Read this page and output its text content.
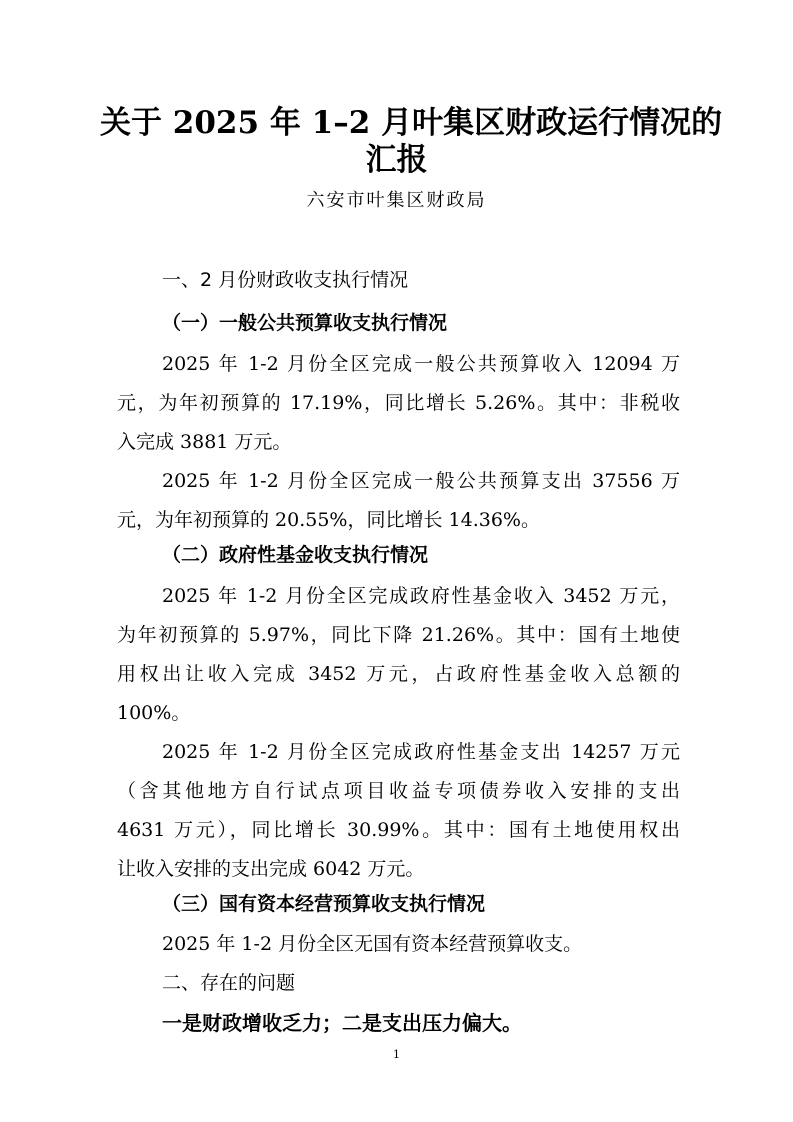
关于 2025 年 1–2 月叶集区财政运行情况的
汇报
六安市叶集区财政局
一、2 月份财政收支执行情况
（一）一般公共预算收支执行情况
2025 年 1-2 月份全区完成一般公共预算收入 12094 万
元，为年初预算的 17.19%，同比增长 5.26%。其中：非税收
入完成 3881 万元。
2025 年 1-2 月份全区完成一般公共预算支出 37556 万
元，为年初预算的 20.55%，同比增长 14.36%。
（二）政府性基金收支执行情况
2025 年 1-2 月份全区完成政府性基金收入 3452 万元，
为年初预算的 5.97%，同比下降 21.26%。其中：国有土地使
用权出让收入完成 3452 万元，占政府性基金收入总额的
100%。
2025 年 1-2 月份全区完成政府性基金支出 14257 万元
（含其他地方自行试点项目收益专项债券收入安排的支出
4631 万元），同比增长 30.99%。其中：国有土地使用权出
让收入安排的支出完成 6042 万元。
（三）国有资本经营预算收支执行情况
2025 年 1-2 月份全区无国有资本经营预算收支。
二、存在的问题
一是财政增收乏力；二是支出压力偏大。
1
